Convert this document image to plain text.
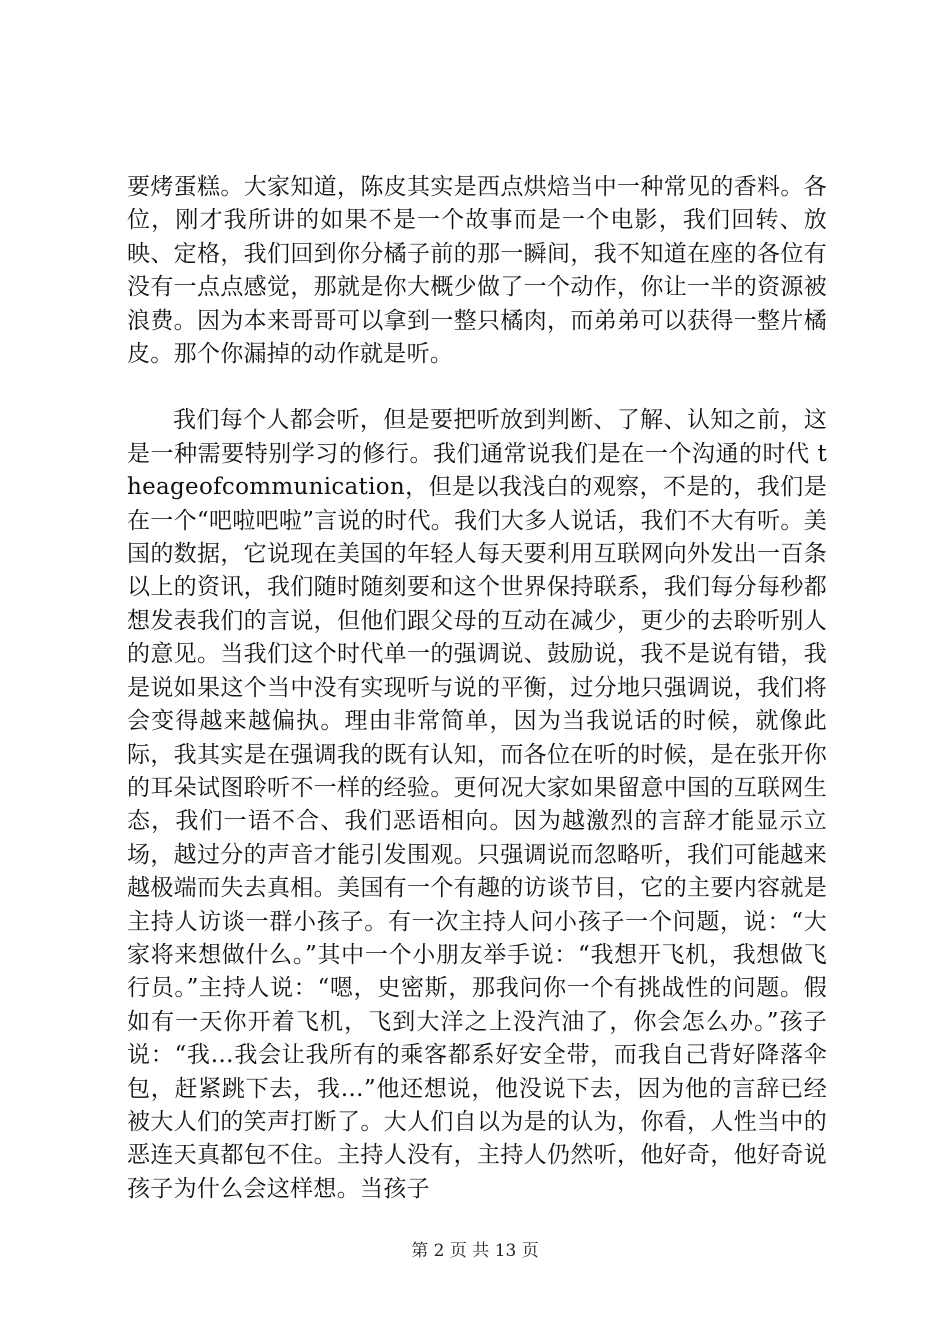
要烤蛋糕。大家知道，陈皮其实是西点烘焙当中一种常见的香料。各位，刚才我所讲的如果不是一个故事而是一个电影，我们回转、放映、定格，我们回到你分橘子前的那一瞬间，我不知道在座的各位有没有一点点感觉，那就是你大概少做了一个动作，你让一半的资源被浪费。因为本来哥哥可以拿到一整只橘肉，而弟弟可以获得一整片橘皮。那个你漏掉的动作就是听。

我们每个人都会听，但是要把听放到判断、了解、认知之前，这是一种需要特别学习的修行。我们通常说我们是在一个沟通的时代 theageofcommunication，但是以我浅白的观察，不是的，我们是在一个“吧啦吧啦”言说的时代。我们大多人说话，我们不大有听。美国的数据，它说现在美国的年轻人每天要利用互联网向外发出一百条以上的资讯，我们随时随刻要和这个世界保持联系，我们每分每秒都想发表我们的言说，但他们跟父母的互动在减少，更少的去聆听别人的意见。当我们这个时代单一的强调说、鼓励说，我不是说有错，我是说如果这个当中没有实现听与说的平衡，过分地只强调说，我们将会变得越来越偏执。理由非常简单，因为当我说话的时候，就像此际，我其实是在强调我的既有认知，而各位在听的时候，是在张开你的耳朵试图聆听不一样的经验。更何况大家如果留意中国的互联网生态，我们一语不合、我们恶语相向。因为越激烈的言辞才能显示立场，越过分的声音才能引发围观。只强调说而忽略听，我们可能越来越极端而失去真相。美国有一个有趣的访谈节目，它的主要内容就是主持人访谈一群小孩子。有一次主持人问小孩子一个问题，说：“大家将来想做什么。”其中一个小朋友举手说：“我想开飞机，我想做飞行员。”主持人说：“嗯，史密斯，那我问你一个有挑战性的问题。假如有一天你开着飞机，飞到大洋之上没汽油了，你会怎么办。”孩子说：“我…我会让我所有的乘客都系好安全带，而我自己背好降落伞包，赶紧跳下去，我…”他还想说，他没说下去，因为他的言辞已经被大人们的笑声打断了。大人们自以为是的认为，你看，人性当中的恶连天真都包不住。主持人没有，主持人仍然听，他好奇，他好奇说孩子为什么会这样想。当孩子

第 2 页 共 13 页
